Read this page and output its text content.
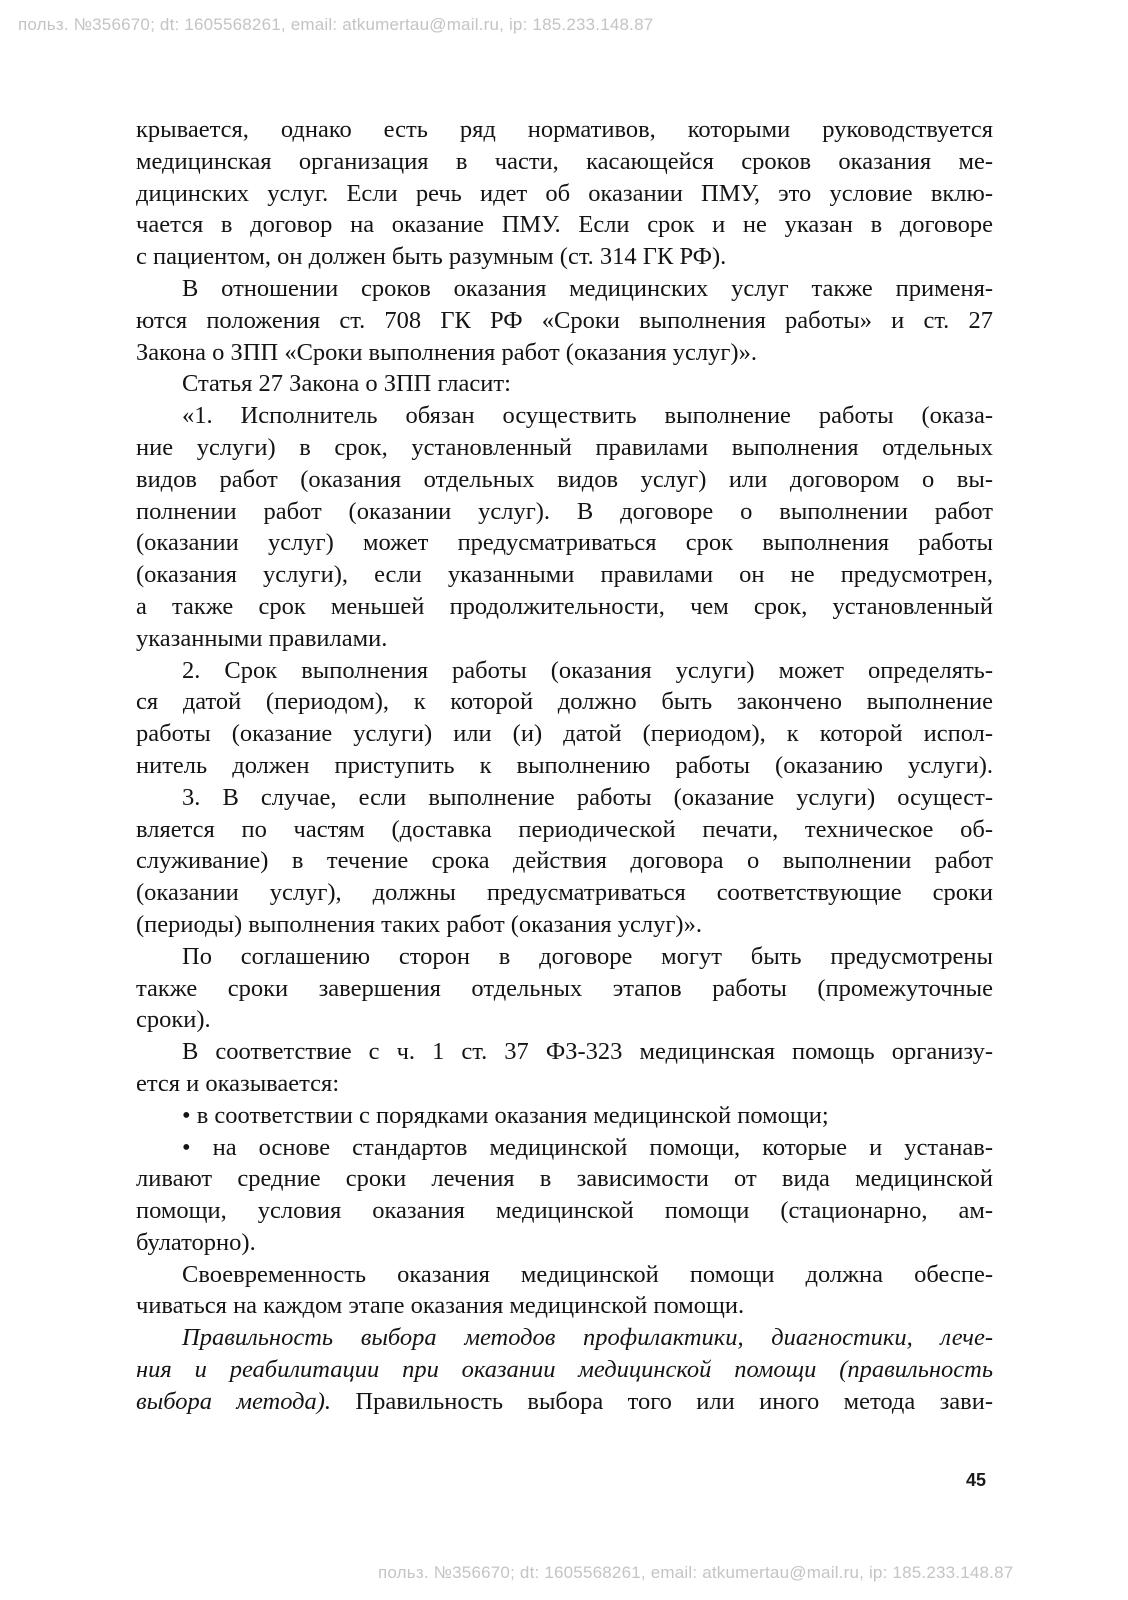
польз. №356670; dt: 1605568261, email: atkumertau@mail.ru, ip: 185.233.148.87
крывается, однако есть ряд нормативов, которыми руководствуется
медицинская организация в части, касающейся сроков оказания ме-
дицинских услуг. Если речь идет об оказании ПМУ, это условие вклю-
чается в договор на оказание ПМУ. Если срок и не указан в договоре
с пациентом, он должен быть разумным (ст. 314 ГК РФ).
В отношении сроков оказания медицинских услуг также применя-
ются положения ст. 708 ГК РФ «Сроки выполнения работы» и ст. 27
Закона о ЗПП «Сроки выполнения работ (оказания услуг)».
Статья 27 Закона о ЗПП гласит:
«1. Исполнитель обязан осуществить выполнение работы (оказа-
ние услуги) в срок, установленный правилами выполнения отдельных
видов работ (оказания отдельных видов услуг) или договором о вы-
полнении работ (оказании услуг). В договоре о выполнении работ
(оказании услуг) может предусматриваться срок выполнения работы
(оказания услуги), если указанными правилами он не предусмотрен,
а также срок меньшей продолжительности, чем срок, установленный
указанными правилами.
2. Срок выполнения работы (оказания услуги) может определять-
ся датой (периодом), к которой должно быть закончено выполнение
работы (оказание услуги) или (и) датой (периодом), к которой испол-
нитель должен приступить к выполнению работы (оказанию услуги).
3. В случае, если выполнение работы (оказание услуги) осущест-
вляется по частям (доставка периодической печати, техническое об-
служивание) в течение срока действия договора о выполнении работ
(оказании услуг), должны предусматриваться соответствующие сроки
(периоды) выполнения таких работ (оказания услуг)».
По соглашению сторон в договоре могут быть предусмотрены
также сроки завершения отдельных этапов работы (промежуточные
сроки).
В соответствие с ч. 1 ст. 37 ФЗ-323 медицинская помощь организу-
ется и оказывается:
• в соответствии с порядками оказания медицинской помощи;
• на основе стандартов медицинской помощи, которые и устанав-
ливают средние сроки лечения в зависимости от вида медицинской
помощи, условия оказания медицинской помощи (стационарно, ам-
булаторно).
Своевременность оказания медицинской помощи должна обеспе-
чиваться на каждом этапе оказания медицинской помощи.
Правильность выбора методов профилактики, диагностики, лече-
ния и реабилитации при оказании медицинской помощи (правильность
выбора метода). Правильность выбора того или иного метода зави-
45
польз. №356670; dt: 1605568261, email: atkumertau@mail.ru, ip: 185.233.148.87
